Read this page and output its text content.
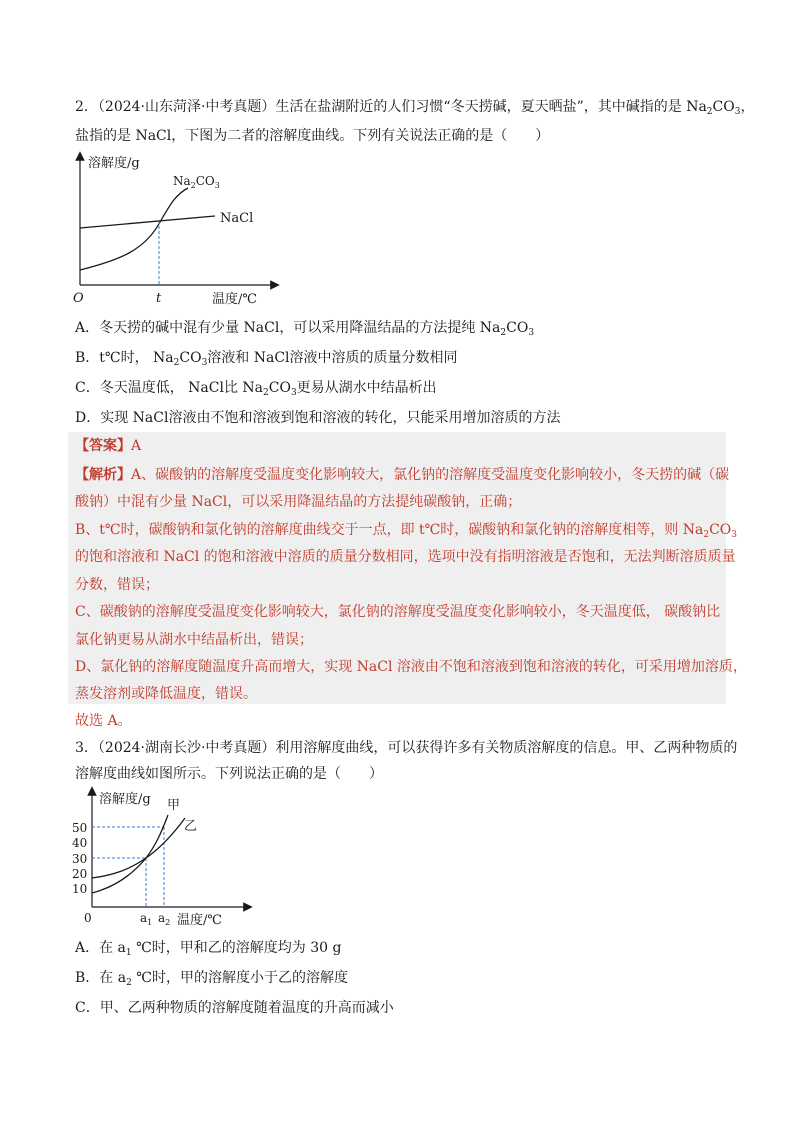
2．（2024·山东菏泽·中考真题）生活在盐湖附近的人们习惯“冬天捞碱，夏天晒盐”，其中碱指的是 $Na_2CO_3$，
盐指的是 NaCl，下图为二者的溶解度曲线。下列有关说法正确的是（　　）
溶解度/g
温度/℃
O	t
NaCl
$Na_2CO_3$
A．冬天捞的碱中混有少量 NaCl，可以采用降温结晶的方法提纯 $Na_2CO_3$
B．t℃时， $Na_2CO_3$溶液和 NaCl溶液中溶质的质量分数相同
C．冬天温度低， NaCl比 $Na_2CO_3$更易从湖水中结晶析出
D．实现 NaCl溶液由不饱和溶液到饱和溶液的转化，只能采用增加溶质的方法
【答案】A
【解析】A、碳酸钠的溶解度受温度变化影响较大，氯化钠的溶解度受温度变化影响较小，冬天捞的碱（碳
酸钠）中混有少量 NaCl，可以采用降温结晶的方法提纯碳酸钠，正确；
B、t℃时，碳酸钠和氯化钠的溶解度曲线交于一点，即 t℃时，碳酸钠和氯化钠的溶解度相等，则 $Na_2CO_3$
的饱和溶液和 NaCl 的饱和溶液中溶质的质量分数相同，选项中没有指明溶液是否饱和，无法判断溶质质量
分数，错误；
C、碳酸钠的溶解度受温度变化影响较大，氯化钠的溶解度受温度变化影响较小，冬天温度低， 碳酸钠比
氯化钠更易从湖水中结晶析出，错误；
D、氯化钠的溶解度随温度升高而增大，实现 NaCl 溶液由不饱和溶液到饱和溶液的转化，可采用增加溶质，
蒸发溶剂或降低温度，错误。
故选 A。
3．（2024·湖南长沙·中考真题）利用溶解度曲线，可以获得许多有关物质溶解度的信息。甲、乙两种物质的
溶解度曲线如图所示。下列说法正确的是（　　）
溶解度/g
温度/℃
0
50
40
30
20
10
甲
乙
$a_1$ $a_2$
A．在 $a_1$ ℃时，甲和乙的溶解度均为 30 g
B．在 $a_2$ ℃时，甲的溶解度小于乙的溶解度
C．甲、乙两种物质的溶解度随着温度的升高而减小
